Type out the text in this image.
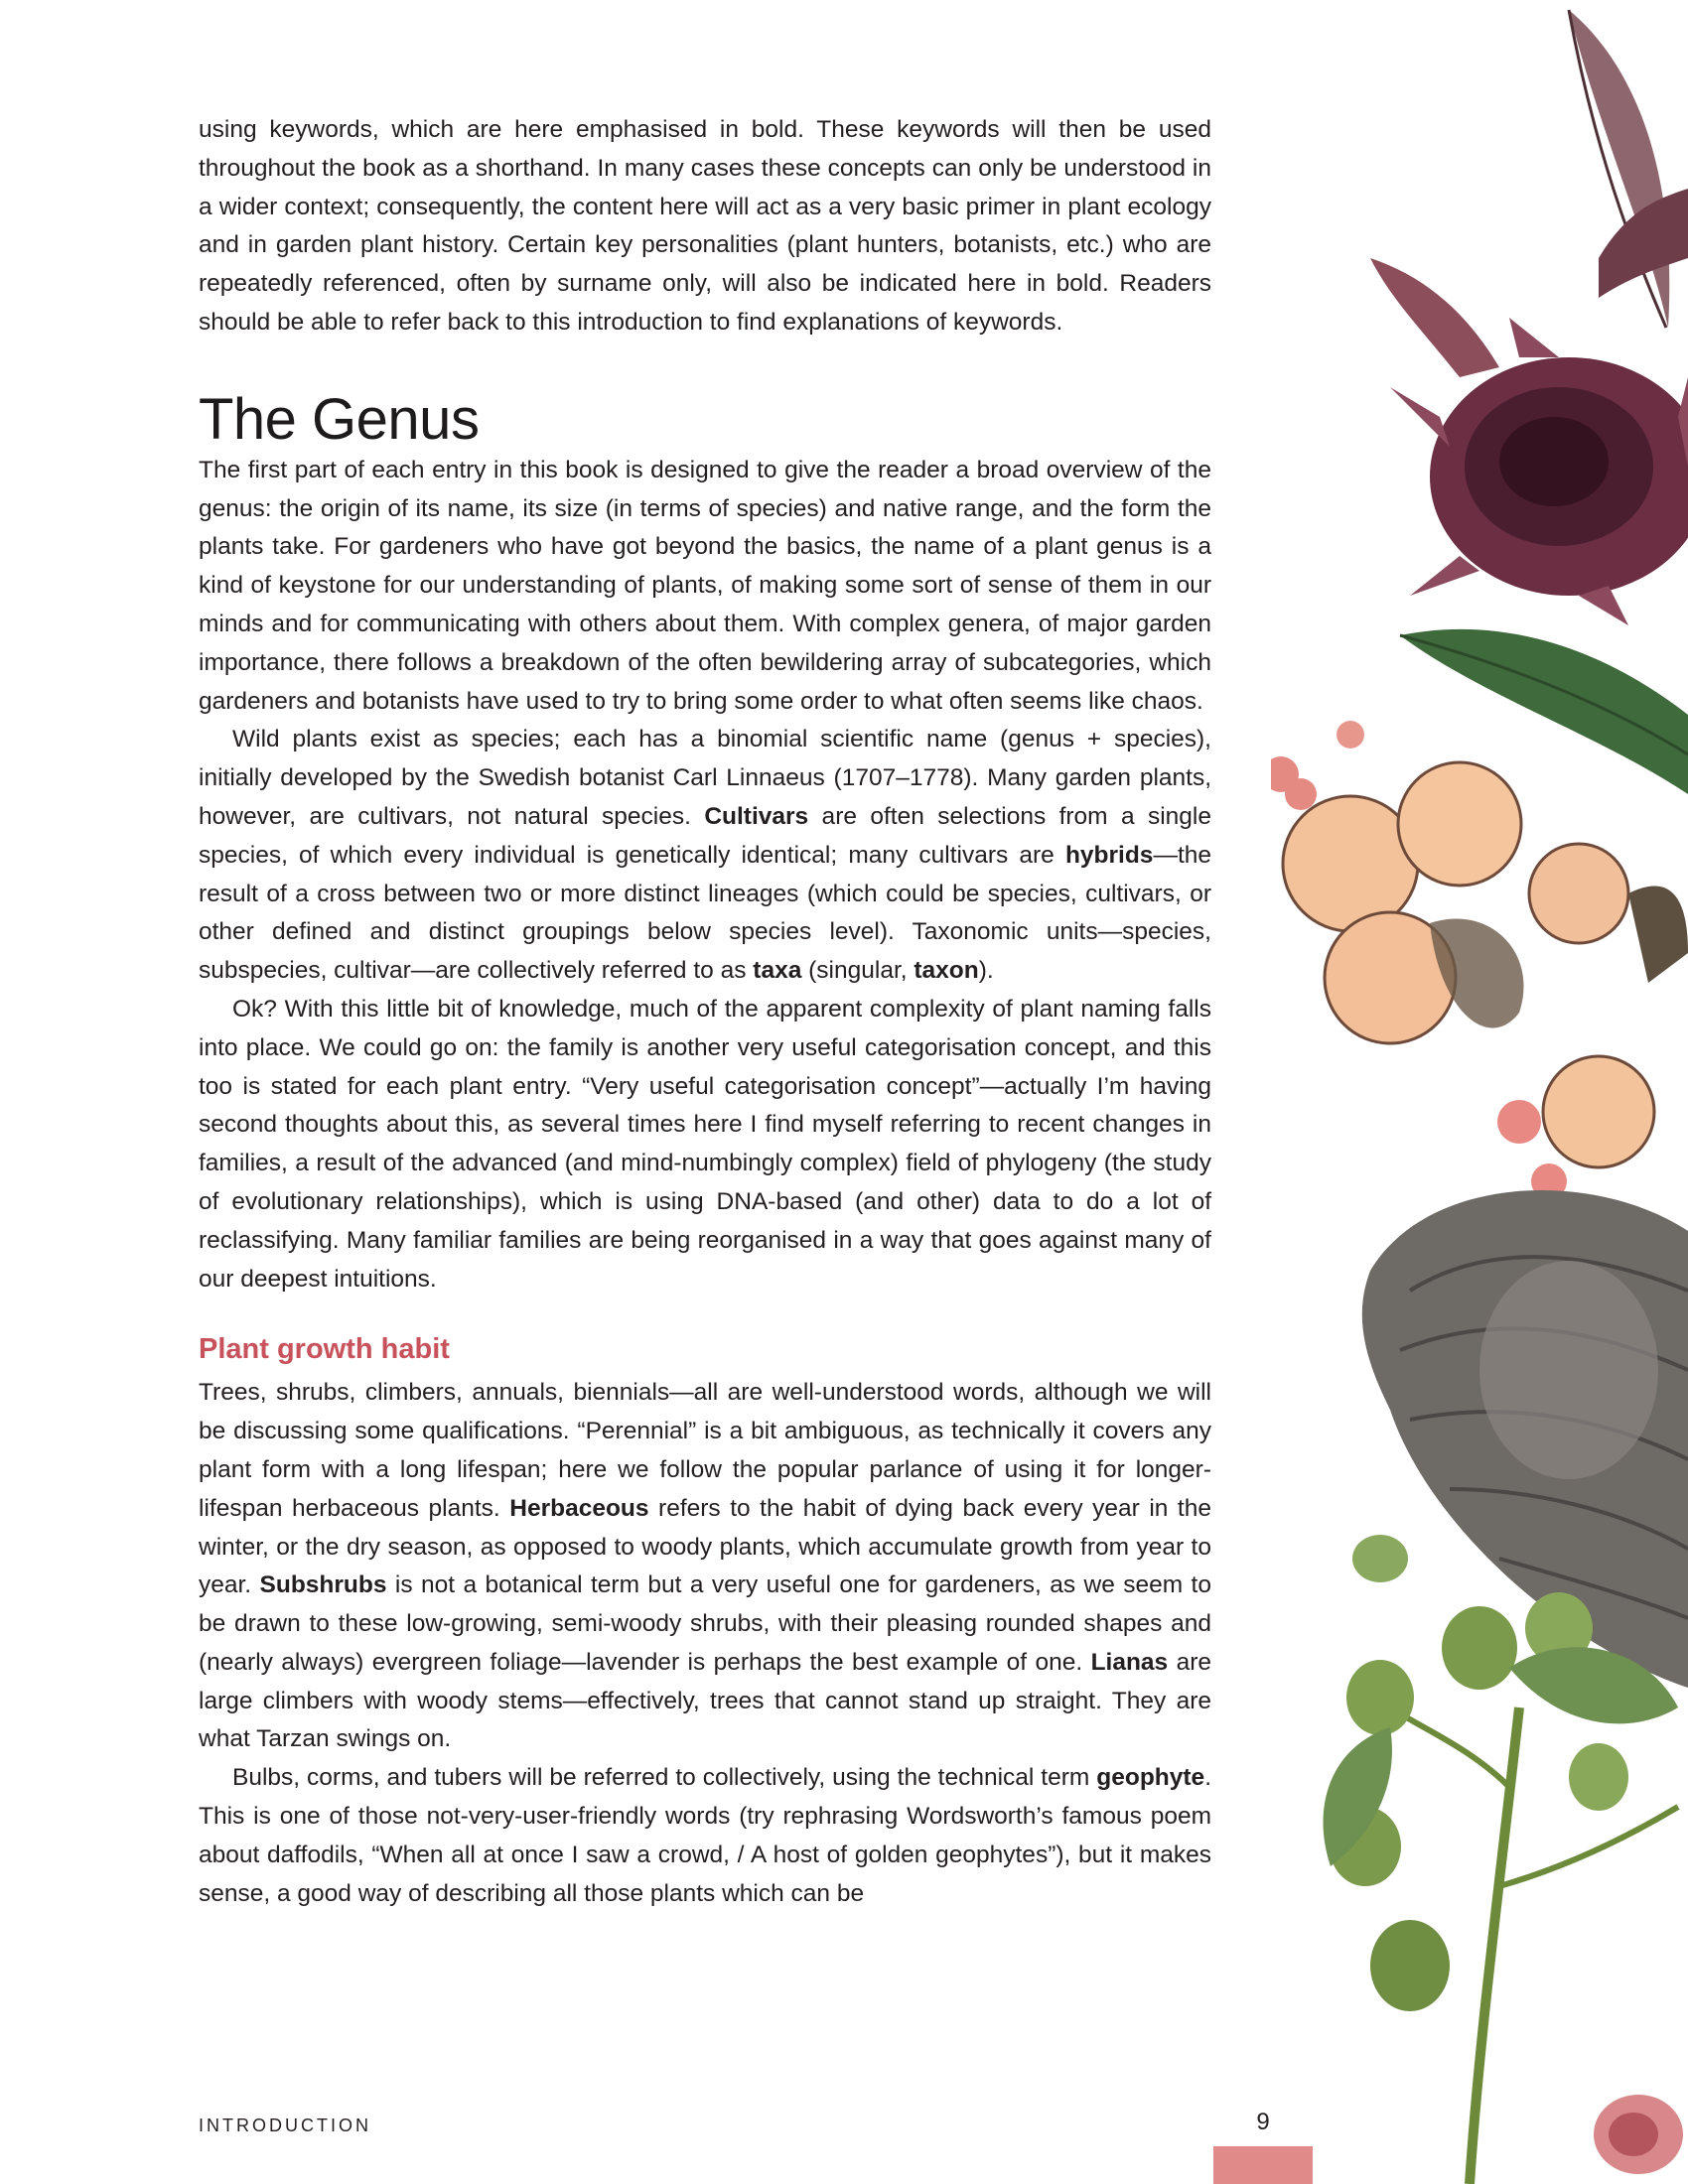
using keywords, which are here emphasised in bold. These keywords will then be used throughout the book as a shorthand. In many cases these concepts can only be understood in a wider context; consequently, the content here will act as a very basic primer in plant ecology and in garden plant history. Certain key personalities (plant hunters, botanists, etc.) who are repeatedly referenced, often by surname only, will also be indicated here in bold. Readers should be able to refer back to this introduction to find explanations of keywords.

The Genus

The first part of each entry in this book is designed to give the reader a broad overview of the genus: the origin of its name, its size (in terms of species) and native range, and the form the plants take. For gardeners who have got beyond the basics, the name of a plant genus is a kind of keystone for our understanding of plants, of making some sort of sense of them in our minds and for communicating with others about them. With complex genera, of major garden importance, there follows a breakdown of the often bewildering array of subcategories, which gardeners and botanists have used to try to bring some order to what often seems like chaos.

Wild plants exist as species; each has a binomial scientific name (genus + species), initially developed by the Swedish botanist Carl Linnaeus (1707–1778). Many garden plants, however, are cultivars, not natural species. Cultivars are often selections from a single species, of which every individual is genetically identical; many cultivars are hybrids—the result of a cross between two or more distinct lineages (which could be species, cultivars, or other defined and distinct groupings below species level). Taxonomic units—species, subspecies, cultivar—are collectively referred to as taxa (singular, taxon).

Ok? With this little bit of knowledge, much of the apparent complexity of plant naming falls into place. We could go on: the family is another very useful categorisation concept, and this too is stated for each plant entry. “Very useful categorisation concept”—actually I’m having second thoughts about this, as several times here I find myself referring to recent changes in families, a result of the advanced (and mind-numbingly complex) field of phylogeny (the study of evolutionary relationships), which is using DNA-based (and other) data to do a lot of reclassifying. Many familiar families are being reorganised in a way that goes against many of our deepest intuitions.

Plant growth habit

Trees, shrubs, climbers, annuals, biennials—all are well-understood words, although we will be discussing some qualifications. “Perennial” is a bit ambiguous, as technically it covers any plant form with a long lifespan; here we follow the popular parlance of using it for longer-lifespan herbaceous plants. Herbaceous refers to the habit of dying back every year in the winter, or the dry season, as opposed to woody plants, which accumulate growth from year to year. Subshrubs is not a botanical term but a very useful one for gardeners, as we seem to be drawn to these low-growing, semi-woody shrubs, with their pleasing rounded shapes and (nearly always) evergreen foliage—lavender is perhaps the best example of one. Lianas are large climbers with woody stems—effectively, trees that cannot stand up straight. They are what Tarzan swings on.

Bulbs, corms, and tubers will be referred to collectively, using the technical term geophyte. This is one of those not-very-user-friendly words (try rephrasing Wordsworth’s famous poem about daffodils, “When all at once I saw a crowd, / A host of golden geophytes”), but it makes sense, a good way of describing all those plants which can be

INTRODUCTION	9
